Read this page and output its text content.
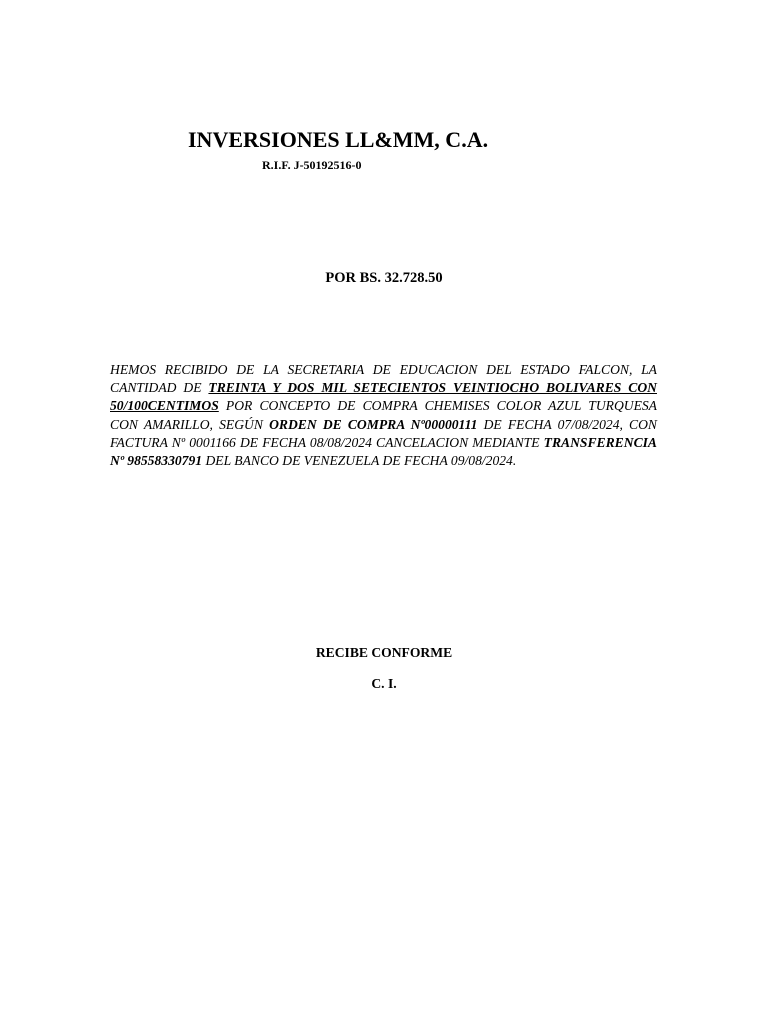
INVERSIONES LL&MM, C.A.
R.I.F. J-50192516-0
POR BS. 32.728.50
HEMOS RECIBIDO DE LA SECRETARIA DE EDUCACION DEL ESTADO FALCON, LA CANTIDAD DE TREINTA Y DOS MIL SETECIENTOS VEINTIOCHO BOLIVARES CON 50/100CENTIMOS POR CONCEPTO DE COMPRA CHEMISES COLOR AZUL TURQUESA CON AMARILLO, SEGÚN ORDEN DE COMPRA Nº00000111 DE FECHA 07/08/2024, CON FACTURA Nº 0001166 DE FECHA 08/08/2024 CANCELACION MEDIANTE TRANSFERENCIA Nº 98558330791 DEL BANCO DE VENEZUELA DE FECHA 09/08/2024.
RECIBE CONFORME
C. I.
